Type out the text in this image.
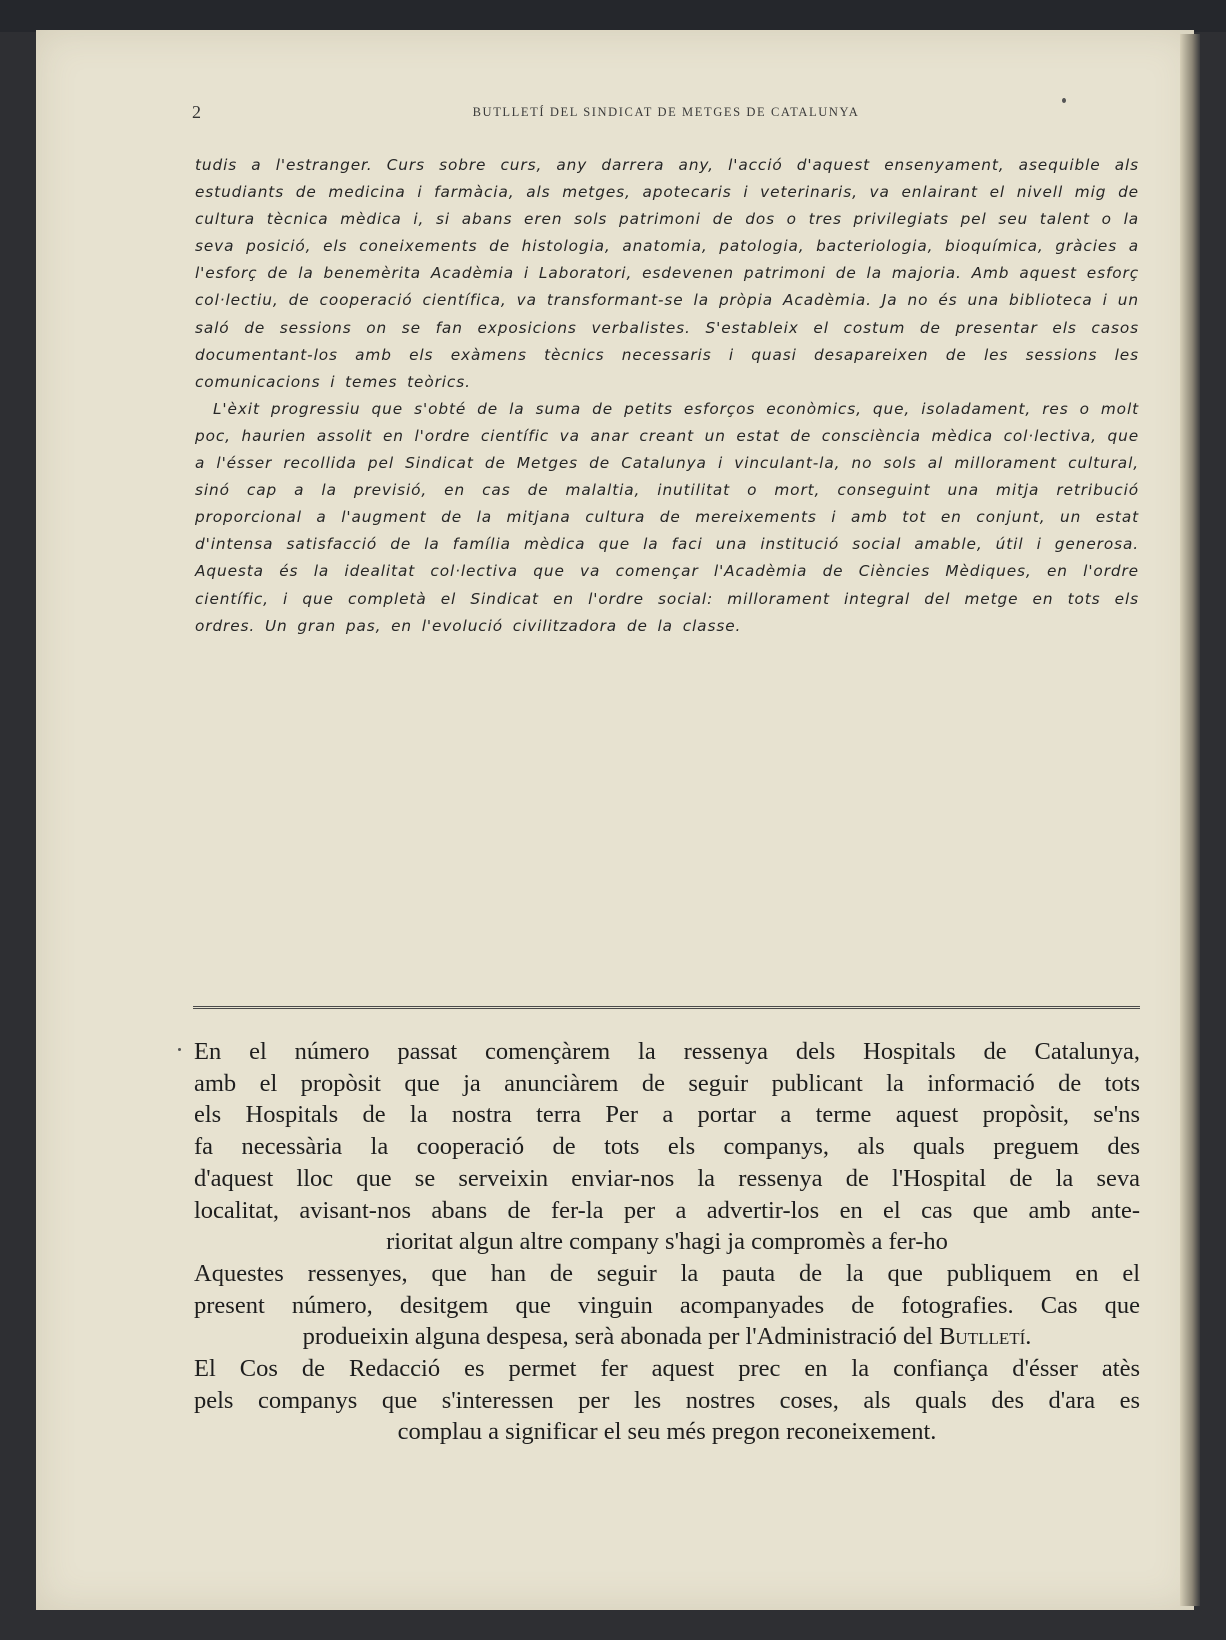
2	BUTLLETÍ DEL SINDICAT DE METGES DE CATALUNYA

tudis a l'estranger. Curs sobre curs, any darrera any, l'acció d'aquest ensenyament, asequible als estudiants de medicina i farmàcia, als metges, apotecaris i veterinaris, va enlairant el nivell mig de cultura tècnica mèdica i, si abans eren sols patrimoni de dos o tres privilegiats pel seu talent o la seva posició, els coneixements de histologia, anatomia, patologia, bacteriologia, bioquímica, gràcies a l'esforç de la benemèrita Acadèmia i Laboratori, esdevenen patrimoni de la majoria. Amb aquest esforç col·lectiu, de cooperació científica, va transformant-se la pròpia Acadèmia. Ja no és una biblioteca i un saló de sessions on se fan exposicions verbalistes. S'estableix el costum de presentar els casos documentant-los amb els exàmens tècnics necessaris i quasi desapareixen de les sessions les comunicacions i temes teòrics.

L'èxit progressiu que s'obté de la suma de petits esforços econòmics, que, isoladament, res o molt poc, haurien assolit en l'ordre científic va anar creant un estat de consciència mèdica col·lectiva, que a l'ésser recollida pel Sindicat de Metges de Catalunya i vinculant-la, no sols al millorament cultural, sinó cap a la previsió, en cas de malaltia, inutilitat o mort, conseguint una mitja retribució proporcional a l'augment de la mitjana cultura de mereixements i amb tot en conjunt, un estat d'intensa satisfacció de la família mèdica que la faci una institució social amable, útil i generosa. Aquesta és la idealitat col·lectiva que va començar l'Acadèmia de Ciències Mèdiques, en l'ordre científic, i que completà el Sindicat en l'ordre social: millorament integral del metge en tots els ordres. Un gran pas, en l'evolució civilitzadora de la classe.

En el número passat començàrem la ressenya dels Hospitals de Catalunya,

amb el propòsit que ja anunciàrem de seguir publicant la informació de tots

els Hospitals de la nostra terra Per a portar a terme aquest propòsit, se'ns

fa necessària la cooperació de tots els companys, als quals preguem des

d'aquest lloc que se serveixin enviar-nos la ressenya de l'Hospital de la seva

localitat, avisant-nos abans de fer-la per a advertir-los en el cas que amb ante-

rioritat algun altre company s'hagi ja compromès a fer-ho

Aquestes ressenyes, que han de seguir la pauta de la que publiquem en el

present número, desitgem que vinguin acompanyades de fotografies. Cas que

produeixin alguna despesa, serà abonada per l'Administració del Butlletí.

El Cos de Redacció es permet fer aquest prec en la confiança d'ésser atès

pels companys que s'interessen per les nostres coses, als quals des d'ara es

complau a significar el seu més pregon reconeixement.
